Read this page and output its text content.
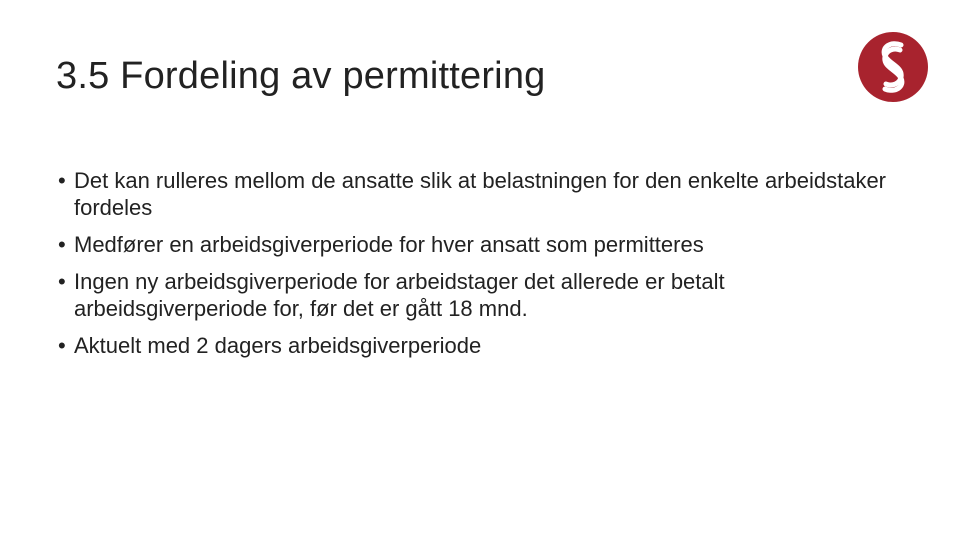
3.5 Fordeling av permittering
• Det kan rulleres mellom de ansatte slik at belastningen for den enkelte arbeidstaker fordeles
• Medfører en arbeidsgiverperiode for hver ansatt som permitteres
• Ingen ny arbeidsgiverperiode for arbeidstager det allerede er betalt arbeidsgiverperiode for, før det er gått 18 mnd.
• Aktuelt med 2 dagers arbeidsgiverperiode
